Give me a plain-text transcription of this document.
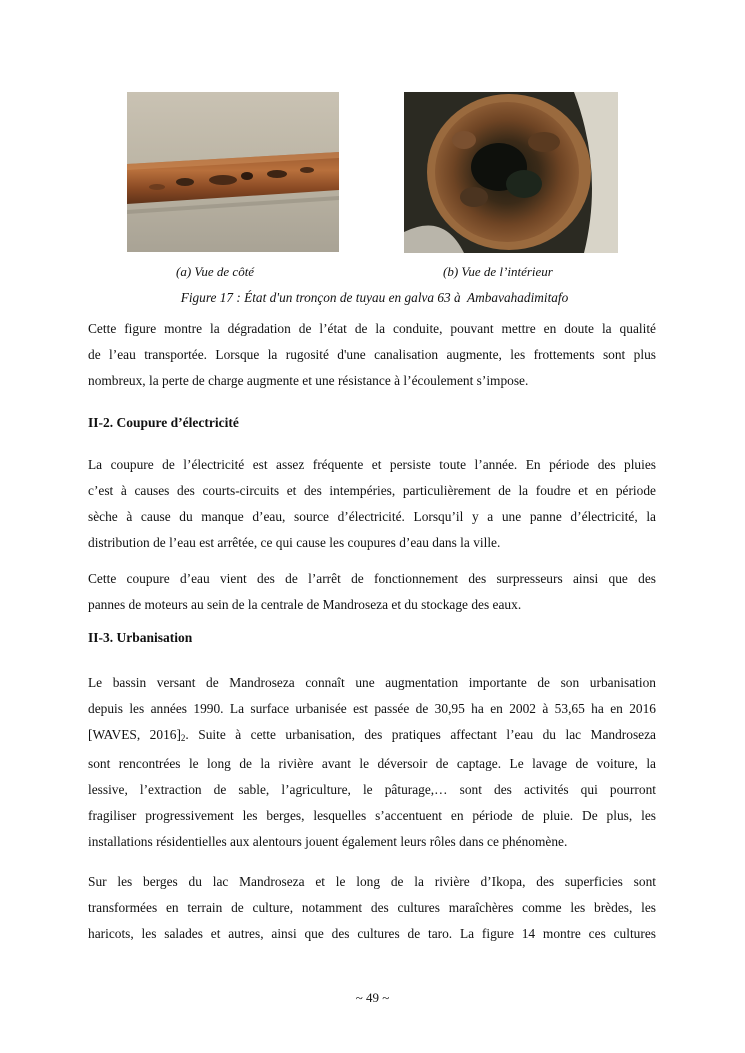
(a) Vue de côté	(b) Vue de l’intérieur
Figure 17 : État d'un tronçon de tuyau en galva 63 à  Ambavahadimitafo
Cette figure montre la dégradation de l’état de la conduite, pouvant mettre en doute la qualité
de l’eau transportée. Lorsque la rugosité d'une canalisation augmente, les frottements sont plus
nombreux, la perte de charge augmente et une résistance à l’écoulement s’impose.
II-2. Coupure d’électricité
La coupure de l’électricité est assez fréquente et persiste toute l’année. En période des pluies
c’est à causes des courts-circuits et des intempéries, particulièrement de la foudre et en période
sèche à cause du manque d’eau, source d’électricité. Lorsqu’il y a une panne d’électricité, la
distribution de l’eau est arrêtée, ce qui cause les coupures d’eau dans la ville.
Cette coupure d’eau vient des de l’arrêt de fonctionnement des surpresseurs ainsi que des
pannes de moteurs au sein de la centrale de Mandroseza et du stockage des eaux.
II-3. Urbanisation
Le bassin versant de Mandroseza connaît une augmentation importante de son urbanisation
depuis les années 1990. La surface urbanisée est passée de 30,95 ha en 2002 à 53,65 ha en 2016
[WAVES, $2016]_2$. Suite à cette urbanisation, des pratiques affectant l’eau du lac Mandroseza
sont rencontrées le long de la rivière avant le déversoir de captage. Le lavage de voiture, la
lessive, l’extraction de sable, l’agriculture, le pâturage,… sont des activités qui pourront
fragiliser progressivement les berges, lesquelles s’accentuent en période de pluie. De plus, les
installations résidentielles aux alentours jouent également leurs rôles dans ce phénomène.
Sur les berges du lac Mandroseza et le long de la rivière d’Ikopa, des superficies sont
transformées en terrain de culture, notamment des cultures maraîchères comme les brèdes, les
haricots, les salades et autres, ainsi que des cultures de taro. La figure 14 montre ces cultures
~ 49 ~
